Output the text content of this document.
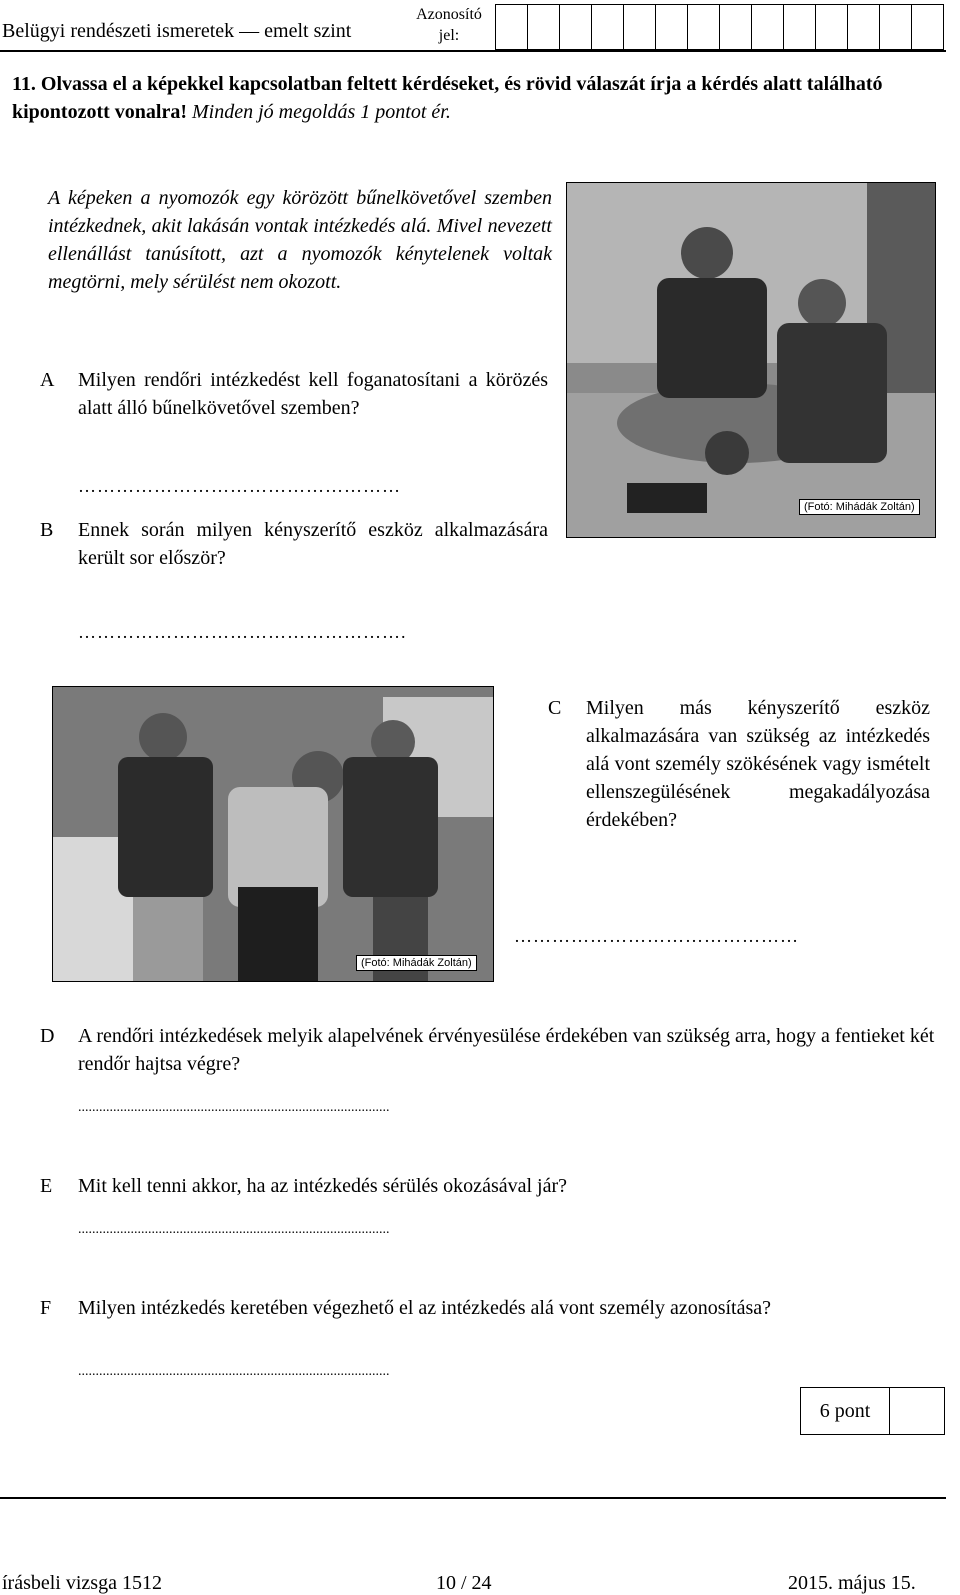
Belügyi rendészeti ismeretek — emelt szint
Azonosító
jel:
11. Olvassa el a képekkel kapcsolatban feltett kérdéseket, és rövid válaszát írja a kérdés alatt található kipontozott vonalra! Minden jó megoldás 1 pontot ér.
A képeken a nyomozók egy körözött bűnelkövetővel szemben intézkednek, akit lakásán vontak intézkedés alá. Mivel nevezett ellenállást tanúsított, azt a nyomozók kénytelenek voltak megtörni, mely sérülést nem okozott.
(Fotó: Mihádák Zoltán)
A	Milyen rendőri intézkedést kell foganatosítani a körözés alatt álló bűnelkövetővel szemben?
……………………………………………
B	Ennek során milyen kényszerítő eszköz alkalmazására került sor először?
…………………………………………….
(Fotó: Mihádák Zoltán)
C	Milyen más kényszerítő eszköz alkalmazására van szükség az intézkedés alá vont személy szökésének vagy ismételt ellenszegülésének megakadályozása érdekében?
………………………………………
D	A rendőri intézkedések melyik alapelvének érvényesülése érdekében van szükség arra, hogy a fentieket két rendőr hajtsa végre?
.........................................................................................
E	Mit kell tenni akkor, ha az intézkedés sérülés okozásával jár?
.........................................................................................
F	Milyen intézkedés keretében végezhető el az intézkedés alá vont személy azonosítása?
.........................................................................................
6 pont
írásbeli vizsga 1512	10 / 24	2015. május 15.
